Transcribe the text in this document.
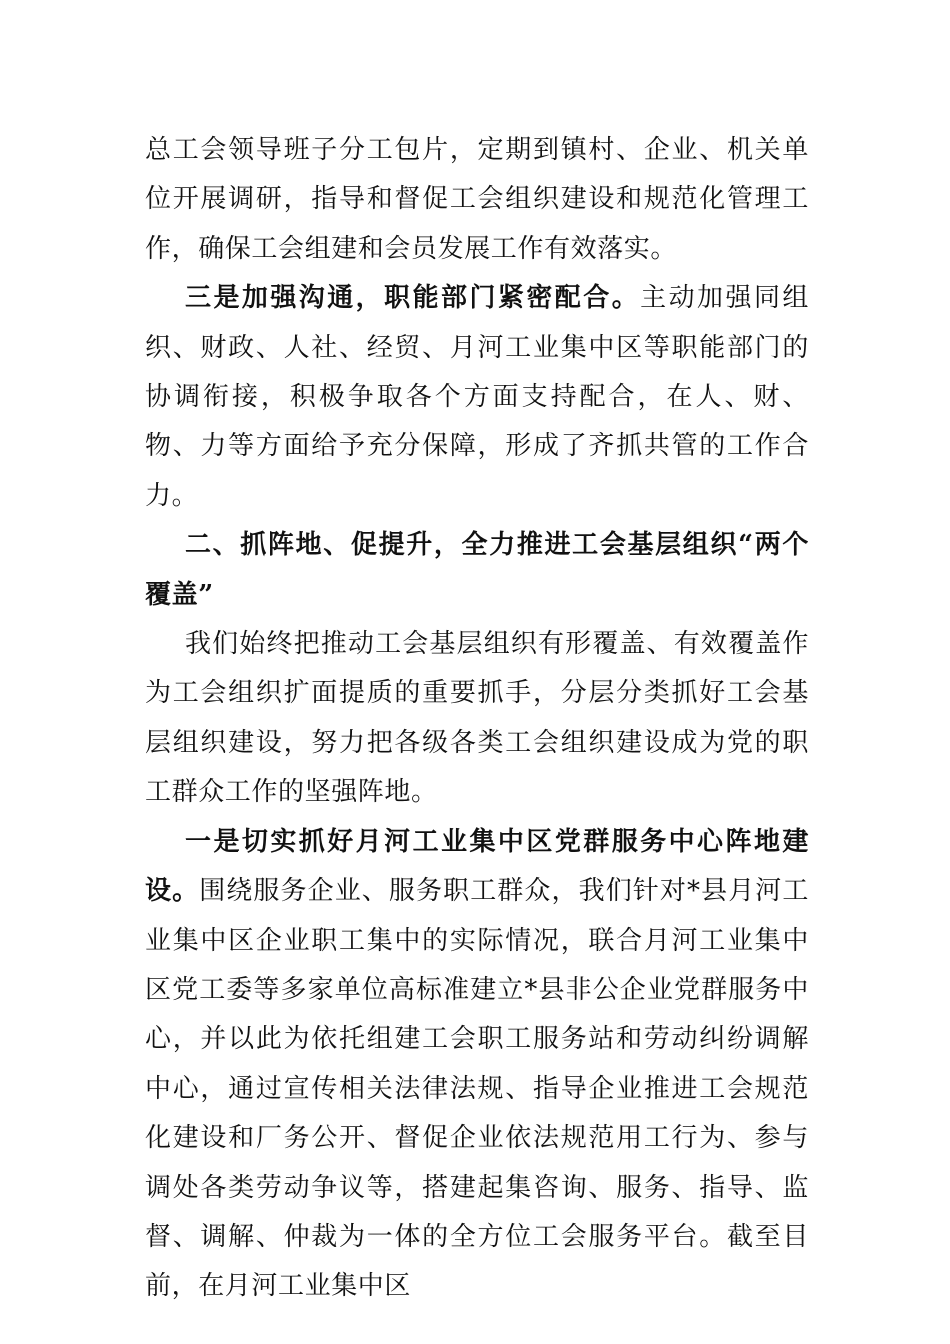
总工会领导班子分工包片，定期到镇村、企业、机关单位开展调研，指导和督促工会组织建设和规范化管理工作，确保工会组建和会员发展工作有效落实。

三是加强沟通，职能部门紧密配合。主动加强同组织、财政、人社、经贸、月河工业集中区等职能部门的协调衔接，积极争取各个方面支持配合，在人、财、物、力等方面给予充分保障，形成了齐抓共管的工作合力。

二、抓阵地、促提升，全力推进工会基层组织“两个覆盖”

我们始终把推动工会基层组织有形覆盖、有效覆盖作为工会组织扩面提质的重要抓手，分层分类抓好工会基层组织建设，努力把各级各类工会组织建设成为党的职工群众工作的坚强阵地。

一是切实抓好月河工业集中区党群服务中心阵地建设。围绕服务企业、服务职工群众，我们针对*县月河工业集中区企业职工集中的实际情况，联合月河工业集中区党工委等多家单位高标准建立*县非公企业党群服务中心，并以此为依托组建工会职工服务站和劳动纠纷调解中心，通过宣传相关法律法规、指导企业推进工会规范化建设和厂务公开、督促企业依法规范用工行为、参与调处各类劳动争议等，搭建起集咨询、服务、指导、监督、调解、仲裁为一体的全方位工会服务平台。截至目前，在月河工业集中区
